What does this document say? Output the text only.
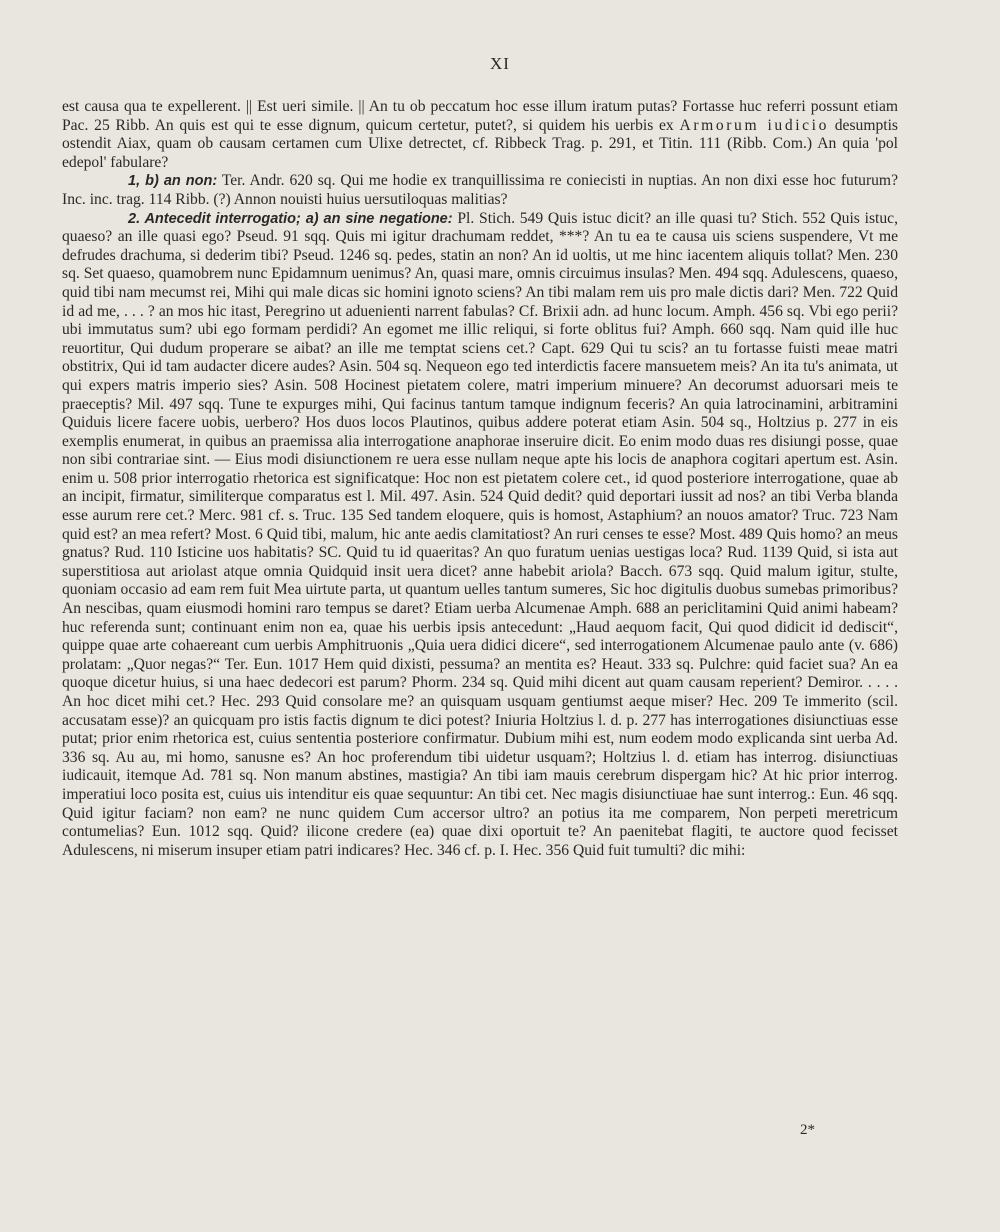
XI

est causa qua te expellerent. || Est ueri simile. || An tu ob peccatum hoc esse illum iratum putas? Fortasse huc referri possunt etiam Pac. 25 Ribb. An quis est qui te esse dignum, quicum certetur, putet?, si quidem his uerbis ex Armorum iudicio desumptis ostendit Aiax, quam ob causam certamen cum Ulixe detrectet, cf. Ribbeck Trag. p. 291, et Titin. 111 (Ribb. Com.) An quia 'pol edepol' fabulare?

1, b) an non: Ter. Andr. 620 sq. Qui me hodie ex tranquillissima re coniecisti in nuptias. An non dixi esse hoc futurum? Inc. inc. trag. 114 Ribb. (?) Annon nouisti huius uersutiloquas malitias?

2. Antecedit interrogatio; a) an sine negatione: Pl. Stich. 549 Quis istuc dicit? an ille quasi tu? Stich. 552 Quis istuc, quaeso? an ille quasi ego? Pseud. 91 sqq. Quis mi igitur drachumam reddet, ***? An tu ea te causa uis sciens suspendere, Vt me defrudes drachuma, si dederim tibi? Pseud. 1246 sq. pedes, statin an non? An id uoltis, ut me hinc iacentem aliquis tollat? Men. 230 sq. Set quaeso, quamobrem nunc Epidamnum uenimus? An, quasi mare, omnis circuimus insulas? Men. 494 sqq. Adulescens, quaeso, quid tibi nam mecumst rei, Mihi qui male dicas sic homini ignoto sciens? An tibi malam rem uis pro male dictis dari? Men. 722 Quid id ad me, . . . ? an mos hic itast, Peregrino ut aduenienti narrent fabulas? Cf. Brixii adn. ad hunc locum. Amph. 456 sq. Vbi ego perii? ubi immutatus sum? ubi ego formam perdidi? An egomet me illic reliqui, si forte oblitus fui? Amph. 660 sqq. Nam quid ille huc reuortitur, Qui dudum properare se aibat? an ille me temptat sciens cet.? Capt. 629 Qui tu scis? an tu fortasse fuisti meae matri obstitrix, Qui id tam audacter dicere audes? Asin. 504 sq. Nequeon ego ted interdictis facere mansuetem meis? An ita tu's animata, ut qui expers matris imperio sies? Asin. 508 Hocinest pietatem colere, matri imperium minuere? An decorumst aduorsari meis te praeceptis? Mil. 497 sqq. Tune te expurges mihi, Qui facinus tantum tamque indignum feceris? An quia latrocinamini, arbitramini Quiduis licere facere uobis, uerbero? Hos duos locos Plautinos, quibus addere poterat etiam Asin. 504 sq., Holtzius p. 277 in eis exemplis enumerat, in quibus an praemissa alia interrogatione anaphorae inseruire dicit. Eo enim modo duas res disiungi posse, quae non sibi contrariae sint. — Eius modi disiunctionem re uera esse nullam neque apte his locis de anaphora cogitari apertum est. Asin. enim u. 508 prior interrogatio rhetorica est significatque: Hoc non est pietatem colere cet., id quod posteriore interrogatione, quae ab an incipit, firmatur, similiterque comparatus est l. Mil. 497. Asin. 524 Quid dedit? quid deportari iussit ad nos? an tibi Verba blanda esse aurum rere cet.? Merc. 981 cf. s. Truc. 135 Sed tandem eloquere, quis is homost, Astaphium? an nouos amator? Truc. 723 Nam quid est? an mea refert? Most. 6 Quid tibi, malum, hic ante aedis clamitatiost? An ruri censes te esse? Most. 489 Quis homo? an meus gnatus? Rud. 110 Isticine uos habitatis? SC. Quid tu id quaeritas? An quo furatum uenias uestigas loca? Rud. 1139 Quid, si ista aut superstitiosa aut ariolast atque omnia Quidquid insit uera dicet? anne habebit ariola? Bacch. 673 sqq. Quid malum igitur, stulte, quoniam occasio ad eam rem fuit Mea uirtute parta, ut quantum uelles tantum sumeres, Sic hoc digitulis duobus sumebas primoribus? An nescibas, quam eiusmodi homini raro tempus se daret? Etiam uerba Alcumenae Amph. 688 an periclitamini Quid animi habeam? huc referenda sunt; continuant enim non ea, quae his uerbis ipsis antecedunt: „Haud aequom facit, Qui quod didicit id dediscit“, quippe quae arte cohaereant cum uerbis Amphitruonis „Quia uera didici dicere“, sed interrogationem Alcumenae paulo ante (v. 686) prolatam: „Quor negas?“ Ter. Eun. 1017 Hem quid dixisti, pessuma? an mentita es? Heaut. 333 sq. Pulchre: quid faciet sua? An ea quoque dicetur huius, si una haec dedecori est parum? Phorm. 234 sq. Quid mihi dicent aut quam causam reperient? Demiror. . . . . An hoc dicet mihi cet.? Hec. 293 Quid consolare me? an quisquam usquam gentiumst aeque miser? Hec. 209 Te immerito (scil. accusatam esse)? an quicquam pro istis factis dignum te dici potest? Iniuria Holtzius l. d. p. 277 has interrogationes disiunctiuas esse putat; prior enim rhetorica est, cuius sententia posteriore confirmatur. Dubium mihi est, num eodem modo explicanda sint uerba Ad. 336 sq. Au au, mi homo, sanusne es? An hoc proferendum tibi uidetur usquam?; Holtzius l. d. etiam has interrog. disiunctiuas iudicauit, itemque Ad. 781 sq. Non manum abstines, mastigia? An tibi iam mauis cerebrum dispergam hic? At hic prior interrog. imperatiui loco posita est, cuius uis intenditur eis quae sequuntur: An tibi cet. Nec magis disiunctiuae hae sunt interrog.: Eun. 46 sqq. Quid igitur faciam? non eam? ne nunc quidem Cum accersor ultro? an potius ita me comparem, Non perpeti meretricum contumelias? Eun. 1012 sqq. Quid? ilicone credere (ea) quae dixi oportuit te? An paenitebat flagiti, te auctore quod fecisset Adulescens, ni miserum insuper etiam patri indicares? Hec. 346 cf. p. I. Hec. 356 Quid fuit tumulti? dic mihi:

2*
